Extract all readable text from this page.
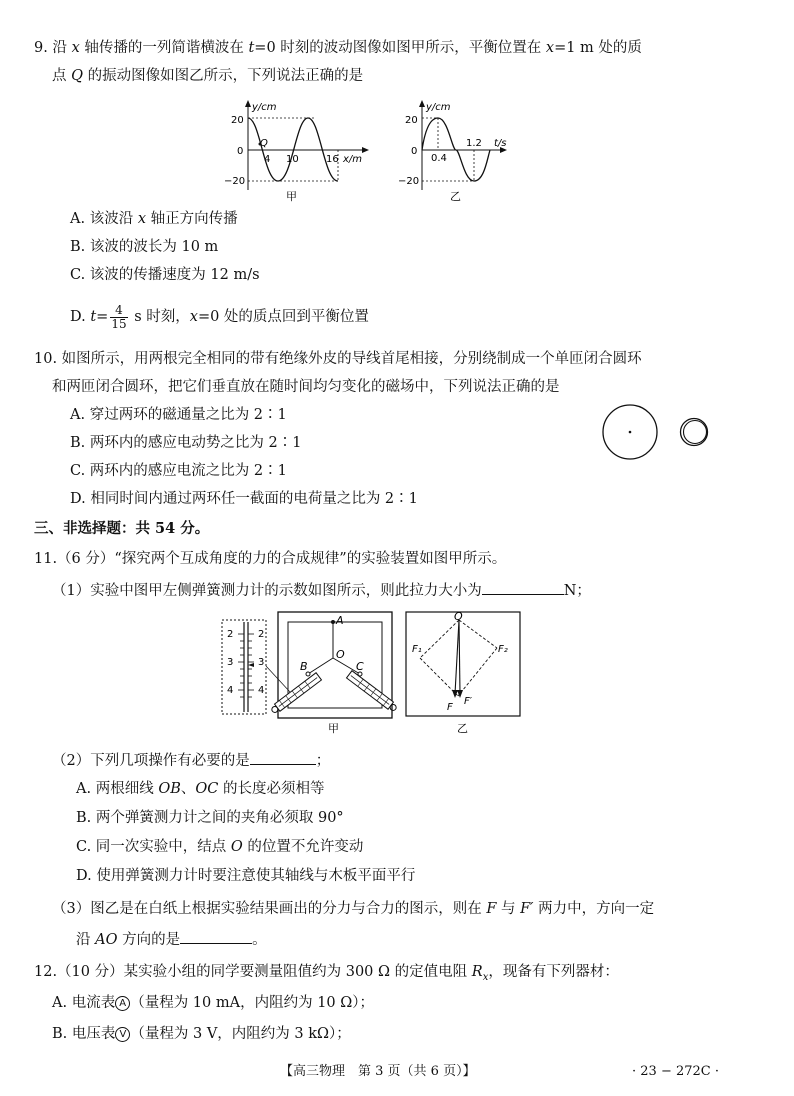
9. 沿 x 轴传播的一列简谐横波在 t=0 时刻的波动图像如图甲所示，平衡位置在 x=1 m 处的质
点 Q 的振动图像如图乙所示，下列说法正确的是
y/cm
20
0
−20
Q
4 10	16 x/m
甲
y/cm
20
0
−20
0.4
1.2 t/s
乙
A. 该波沿 x 轴正方向传播
B. 该波的波长为 10 m
C. 该波的传播速度为 12 m/s
D. $t= \frac{4}{15}$ s 时刻，x=0 处的质点回到平衡位置
10. 如图所示，用两根完全相同的带有绝缘外皮的导线首尾相接，分别绕制成一个单匝闭合圆环
和两匝闭合圆环，把它们垂直放在随时间均匀变化的磁场中，下列说法正确的是
A. 穿过两环的磁通量之比为 2∶1
B. 两环内的感应电动势之比为 2∶1
C. 两环内的感应电流之比为 2∶1
D. 相同时间内通过两环任一截面的电荷量之比为 2∶1
三、非选择题：共 54 分。
11.（6 分）“探究两个互成角度的力的合成规律”的实验装置如图甲所示。
（1）实验中图甲左侧弹簧测力计的示数如图所示，则此拉力大小为	N；
2
3
4
2
3
4
A
O
B	C
甲
O
F₁	F₂
F
F′
乙
（2）下列几项操作有必要的是	；
A. 两根细线 OB、OC 的长度必须相等
B. 两个弹簧测力计之间的夹角必须取 90°
C. 同一次实验中，结点 O 的位置不允许变动
D. 使用弹簧测力计时要注意使其轴线与木板平面平行
（3）图乙是在白纸上根据实验结果画出的分力与合力的图示，则在 F 与 F′ 两力中，方向一定
沿 AO 方向的是	。
12.（10 分）某实验小组的同学要测量阻值约为 300 Ω 的定值电阻 $R_x$，现备有下列器材：
A. 电流表 A （量程为 10 mA，内阻约为 10 Ω）；
B. 电压表 V （量程为 3 V，内阻约为 3 kΩ）；
【高三物理　第 3 页（共 6 页）】	· 23 − 272C ·
